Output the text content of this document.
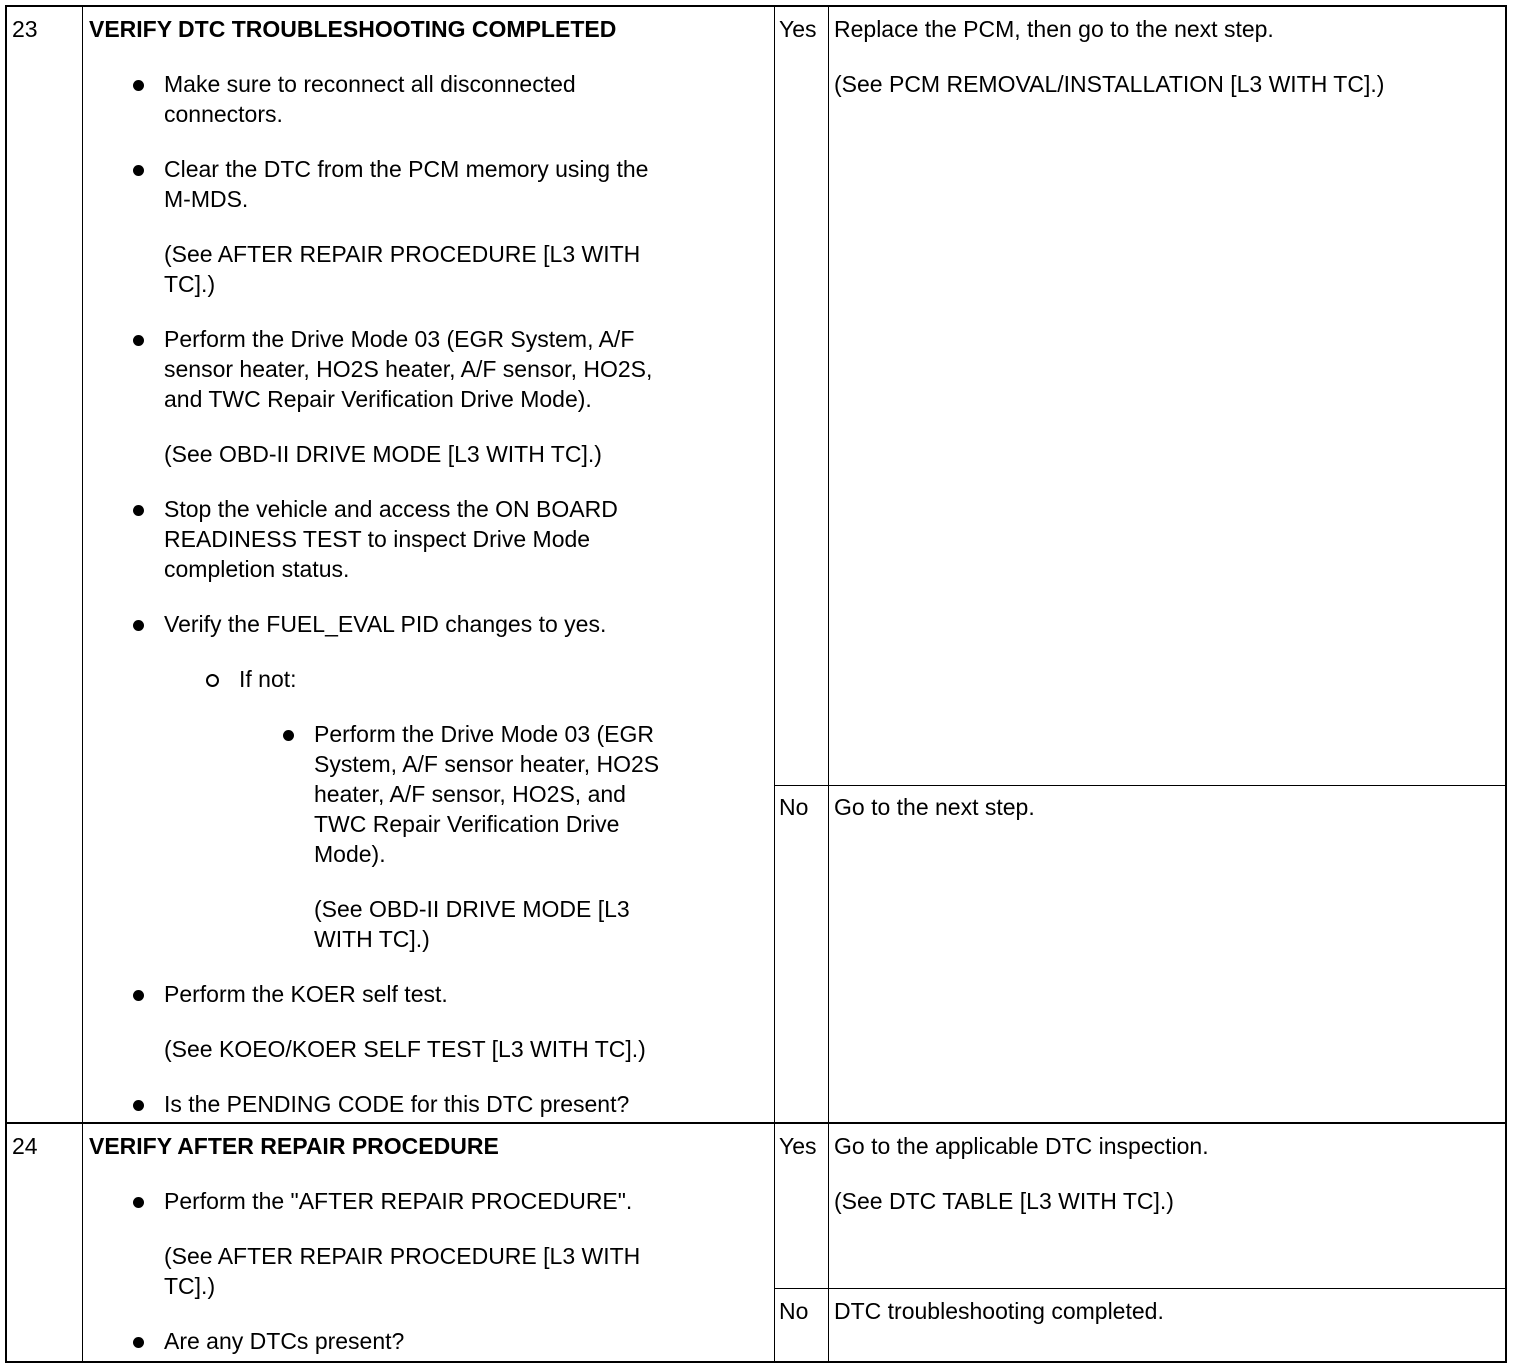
23 VERIFY DTC TROUBLESHOOTING COMPLETED
Make sure to reconnect all disconnected
connectors.
Clear the DTC from the PCM memory using the
M-MDS.
(See AFTER REPAIR PROCEDURE [L3 WITH
TC].)
Perform the Drive Mode 03 (EGR System, A/F
sensor heater, HO2S heater, A/F sensor, HO2S,
and TWC Repair Verification Drive Mode).
(See OBD-II DRIVE MODE [L3 WITH TC].)
Stop the vehicle and access the ON BOARD
READINESS TEST to inspect Drive Mode
completion status.
Verify the FUEL_EVAL PID changes to yes.
If not:
Perform the Drive Mode 03 (EGR
System, A/F sensor heater, HO2S
heater, A/F sensor, HO2S, and
TWC Repair Verification Drive
Mode).
(See OBD-II DRIVE MODE [L3
WITH TC].)
Perform the KOER self test.
(See KOEO/KOER SELF TEST [L3 WITH TC].)
Is the PENDING CODE for this DTC present?
Yes Replace the PCM, then go to the next step.
(See PCM REMOVAL/INSTALLATION [L3 WITH TC].)
No Go to the next step.
24 VERIFY AFTER REPAIR PROCEDURE
Perform the "AFTER REPAIR PROCEDURE".
(See AFTER REPAIR PROCEDURE [L3 WITH
TC].)
Are any DTCs present?
Yes Go to the applicable DTC inspection.
(See DTC TABLE [L3 WITH TC].)
No DTC troubleshooting completed.
